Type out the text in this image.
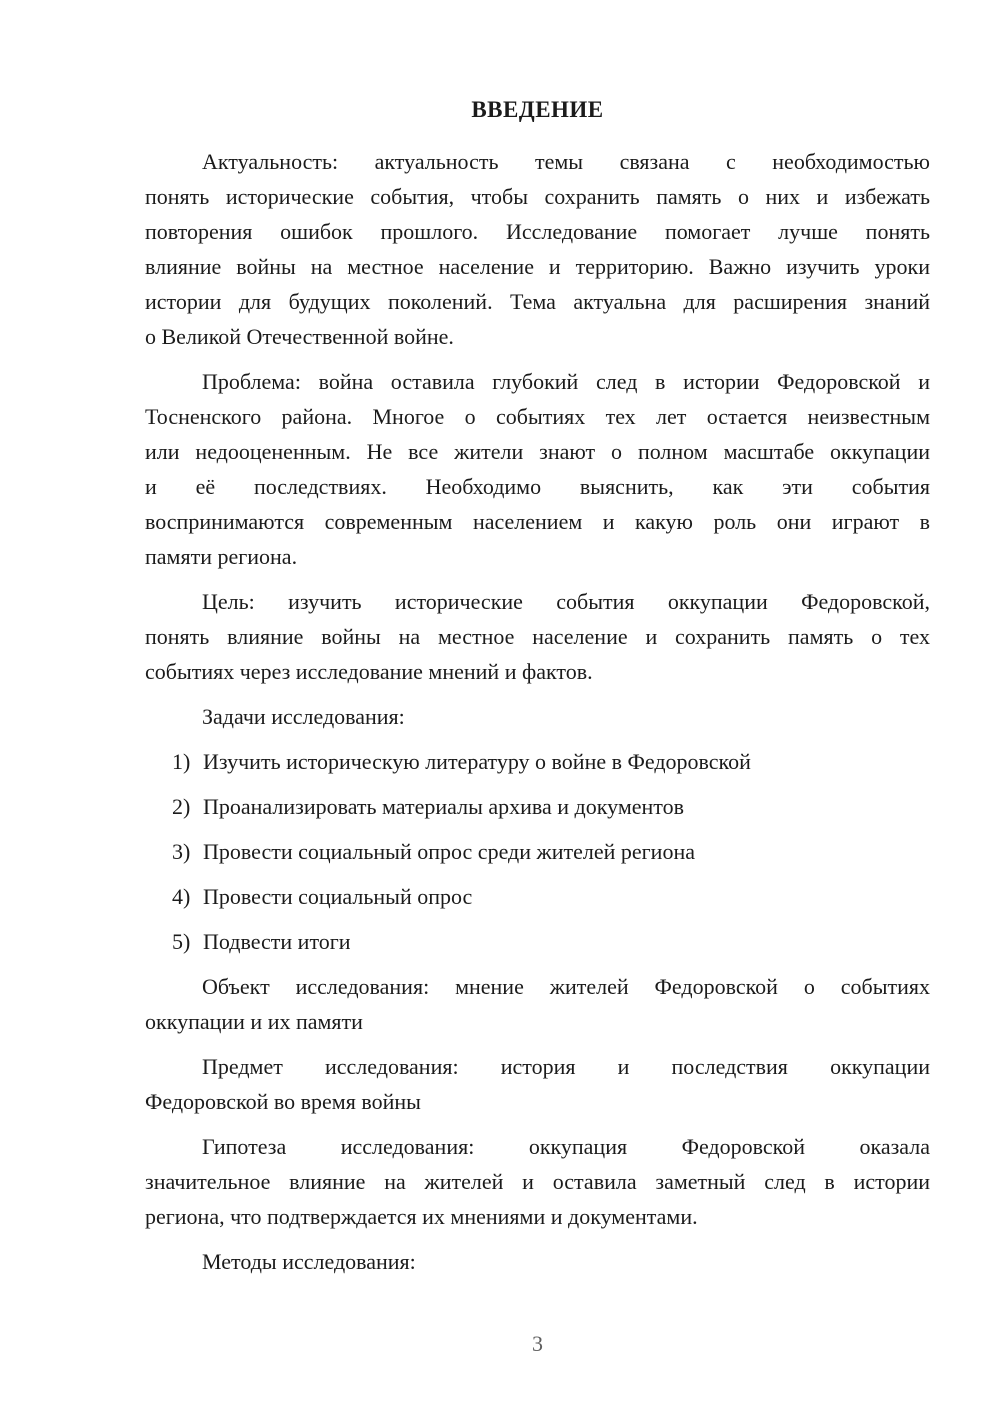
ВВЕДЕНИЕ
Актуальность: актуальность темы связана с необходимостью
понять исторические события, чтобы сохранить память о них и избежать
повторения ошибок прошлого. Исследование помогает лучше понять
влияние войны на местное население и территорию. Важно изучить уроки
истории для будущих поколений. Тема актуальна для расширения знаний
о Великой Отечественной войне.
Проблема: война оставила глубокий след в истории Федоровской и
Тосненского района. Многое о событиях тех лет остается неизвестным
или недооцененным. Не все жители знают о полном масштабе оккупации
и её последствиях. Необходимо выяснить, как эти события
воспринимаются современным населением и какую роль они играют в
памяти региона.
Цель: изучить исторические события оккупации Федоровской,
понять влияние войны на местное население и сохранить память о тех
событиях через исследование мнений и фактов.
Задачи исследования:
1) Изучить историческую литературу о войне в Федоровской
2) Проанализировать материалы архива и документов
3) Провести социальный опрос среди жителей региона
4) Провести социальный опрос
5) Подвести итоги
Объект исследования: мнение жителей Федоровской о событиях
оккупации и их памяти
Предмет исследования: история и последствия оккупации
Федоровской во время войны
Гипотеза исследования: оккупация Федоровской оказала
значительное влияние на жителей и оставила заметный след в истории
региона, что подтверждается их мнениями и документами.
Методы исследования:
3
